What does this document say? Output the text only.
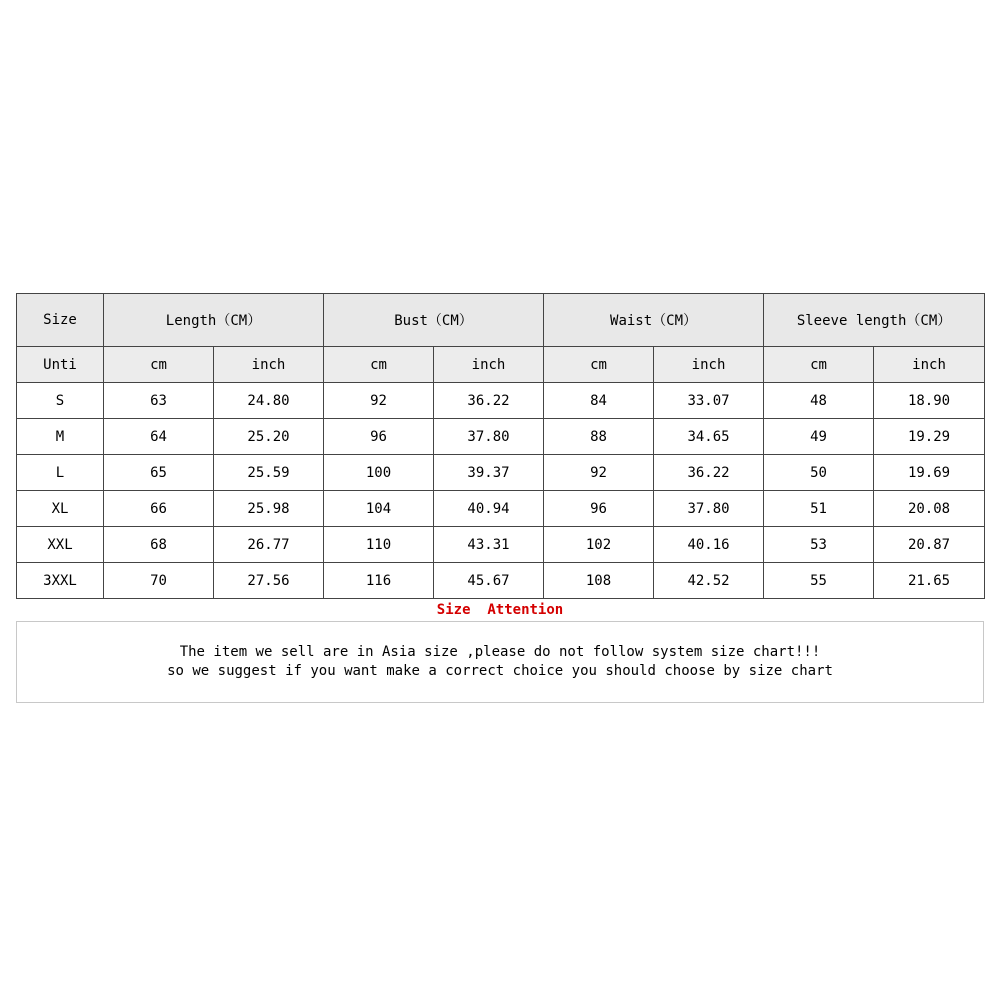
Size	Length（CM）		Bust（CM）		Waist（CM）		Sleeve length（CM）	
Unti	cm	inch	cm	inch	cm	inch	cm	inch
S	63	24.80	92	36.22	84	33.07	48	18.90
M	64	25.20	96	37.80	88	34.65	49	19.29
L	65	25.59	100	39.37	92	36.22	50	19.69
XL	66	25.98	104	40.94	96	37.80	51	20.08
XXL	68	26.77	110	43.31	102	40.16	53	20.87
3XXL	70	27.56	116	45.67	108	42.52	55	21.65
Size  Attention
The item we sell are in Asia size ,please do not follow system size chart!!!
so we suggest if you want make a correct choice you should choose by size chart
